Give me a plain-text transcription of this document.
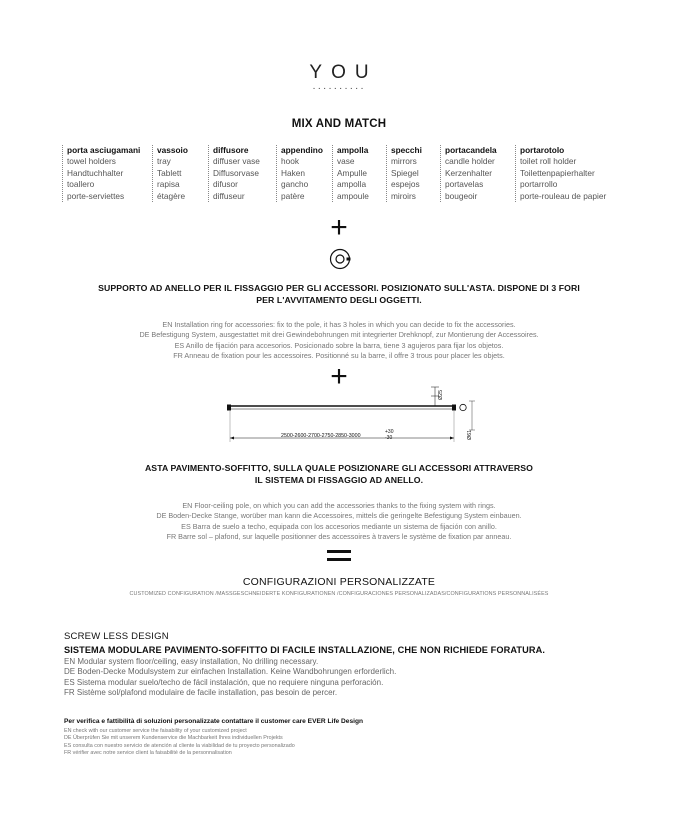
YOU
··········
MIX AND MATCH
porta asciugamani
towel holders
Handtuchhalter
toallero
porte-serviettes
vassoio
tray
Tablett
rapisa
étagère
diffusore
diffuser vase
Diffusorvase
difusor
diffuseur
appendino
hook
Haken
gancho
patère
ampolla
vase
Ampulle
ampolla
ampoule
specchi
mirrors
Spiegel
espejos
miroirs
portacandela
candle holder
Kerzenhalter
portavelas
bougeoir
portarotolo
toilet roll holder
Toilettenpapierhalter
portarrollo
porte-rouleau de papier
+
SUPPORTO AD ANELLO PER IL FISSAGGIO PER GLI ACCESSORI. POSIZIONATO SULL'ASTA. DISPONE DI 3 FORI
PER L'AVVITAMENTO DEGLI OGGETTI.
EN Installation ring for accessories: fix to the pole, it has 3 holes in which you can decide to fix the accessories.
DE Befestigung System, ausgestattet mit drei Gewindebohrungen mit integrierter Drehknopf, zur Montierung der Accessoires.
ES Anillo de fijación para accesorios. Posicionado sobre la barra, tiene 3 agujeros para fijar los objetos.
FR Anneau de fixation pour les accessoires. Positionné su la barre, il offre 3 trous pour placer les objets.
+
2500-2600-2700-2750-2850-3000
+30
-30
Ø25
Ø61
ASTA PAVIMENTO-SOFFITTO, SULLA QUALE POSIZIONARE GLI ACCESSORI ATTRAVERSO
IL SISTEMA DI FISSAGGIO AD ANELLO.
EN Floor-ceiling pole, on which you can add the accessories thanks to the fixing system with rings.
DE Boden-Decke Stange, worüber man kann die Accessoires, mittels die geringelte Befestigung System einbauen.
ES Barra de suelo a techo, equipada con los accesorios mediante un sistema de fijación con anillo.
FR Barre sol – plafond, sur laquelle positionner des accessoires à travers le système de fixation par anneau.
CONFIGURAZIONI PERSONALIZZATE
CUSTOMIZED CONFIGURATION /MASSGESCHNEIDERTE KONFIGURATIONEN /CONFIGURACIONES PERSONALIZADAS/CONFIGURATIONS PERSONNALISÉES
SCREW LESS DESIGN
SISTEMA MODULARE PAVIMENTO-SOFFITTO DI FACILE INSTALLAZIONE, CHE NON RICHIEDE FORATURA.
EN Modular system floor/ceiling, easy installation, No drilling necessary.
DE Boden-Decke Modulsystem zur einfachen Installation. Keine Wandbohrungen erforderlich.
ES Sistema modular suelo/techo de fácil instalación, que no requiere ninguna perforación.
FR Sistème sol/plafond modulaire de facile installation, pas besoin de percer.
Per verifica e fattibilità di soluzioni personalizzate contattare il customer care EVER Life Design
EN check with our customer service the faisability of your customized project
DE Überprüfen Sie mit unserem Kundenservice die Machbarkeit Ihres individuellen Projekts
ES consulta con nuestro servicio de atención al cliente la viabilidad de tu proyecto personalizado
FR vérifier avec notre service client la faisabilité de la personnalisation
